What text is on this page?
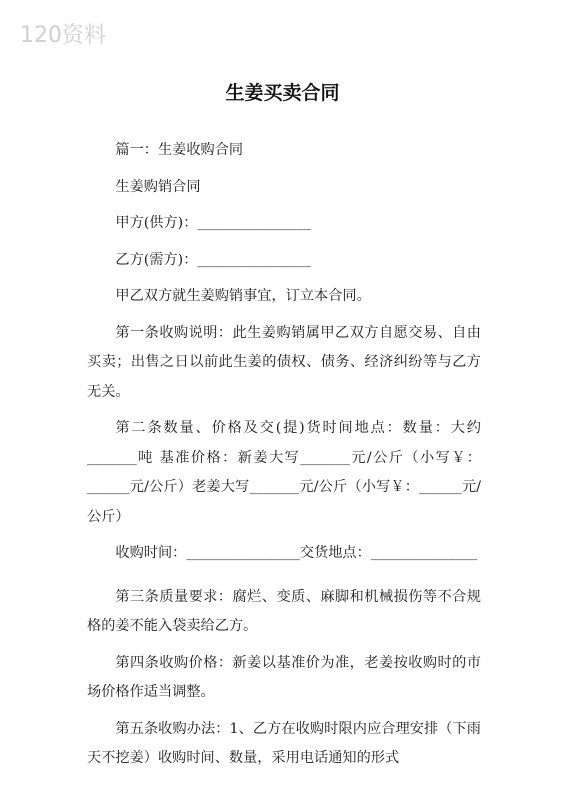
120资料
生姜买卖合同

篇一：生姜收购合同

生姜购销合同

甲方(供方)：________________

乙方(需方)：________________

甲乙双方就生姜购销事宜，订立本合同。

第一条收购说明：此生姜购销属甲乙双方自愿交易、自由买卖；出售之日以前此生姜的债权、债务、经济纠纷等与乙方无关。

第二条数量、价格及交(提)货时间地点：数量：大约_______吨 基准价格：新姜大写_______元/公斤（小写￥：______元/公斤）老姜大写_______元/公斤（小写￥：______元/公斤）

收购时间：________________交货地点：_______________

第三条质量要求：腐烂、变质、麻脚和机械损伤等不合规格的姜不能入袋卖给乙方。

第四条收购价格：新姜以基准价为准，老姜按收购时的市场价格作适当调整。

第五条收购办法：1、乙方在收购时限内应合理安排（下雨天不挖姜）收购时间、数量，采用电话通知的形式
